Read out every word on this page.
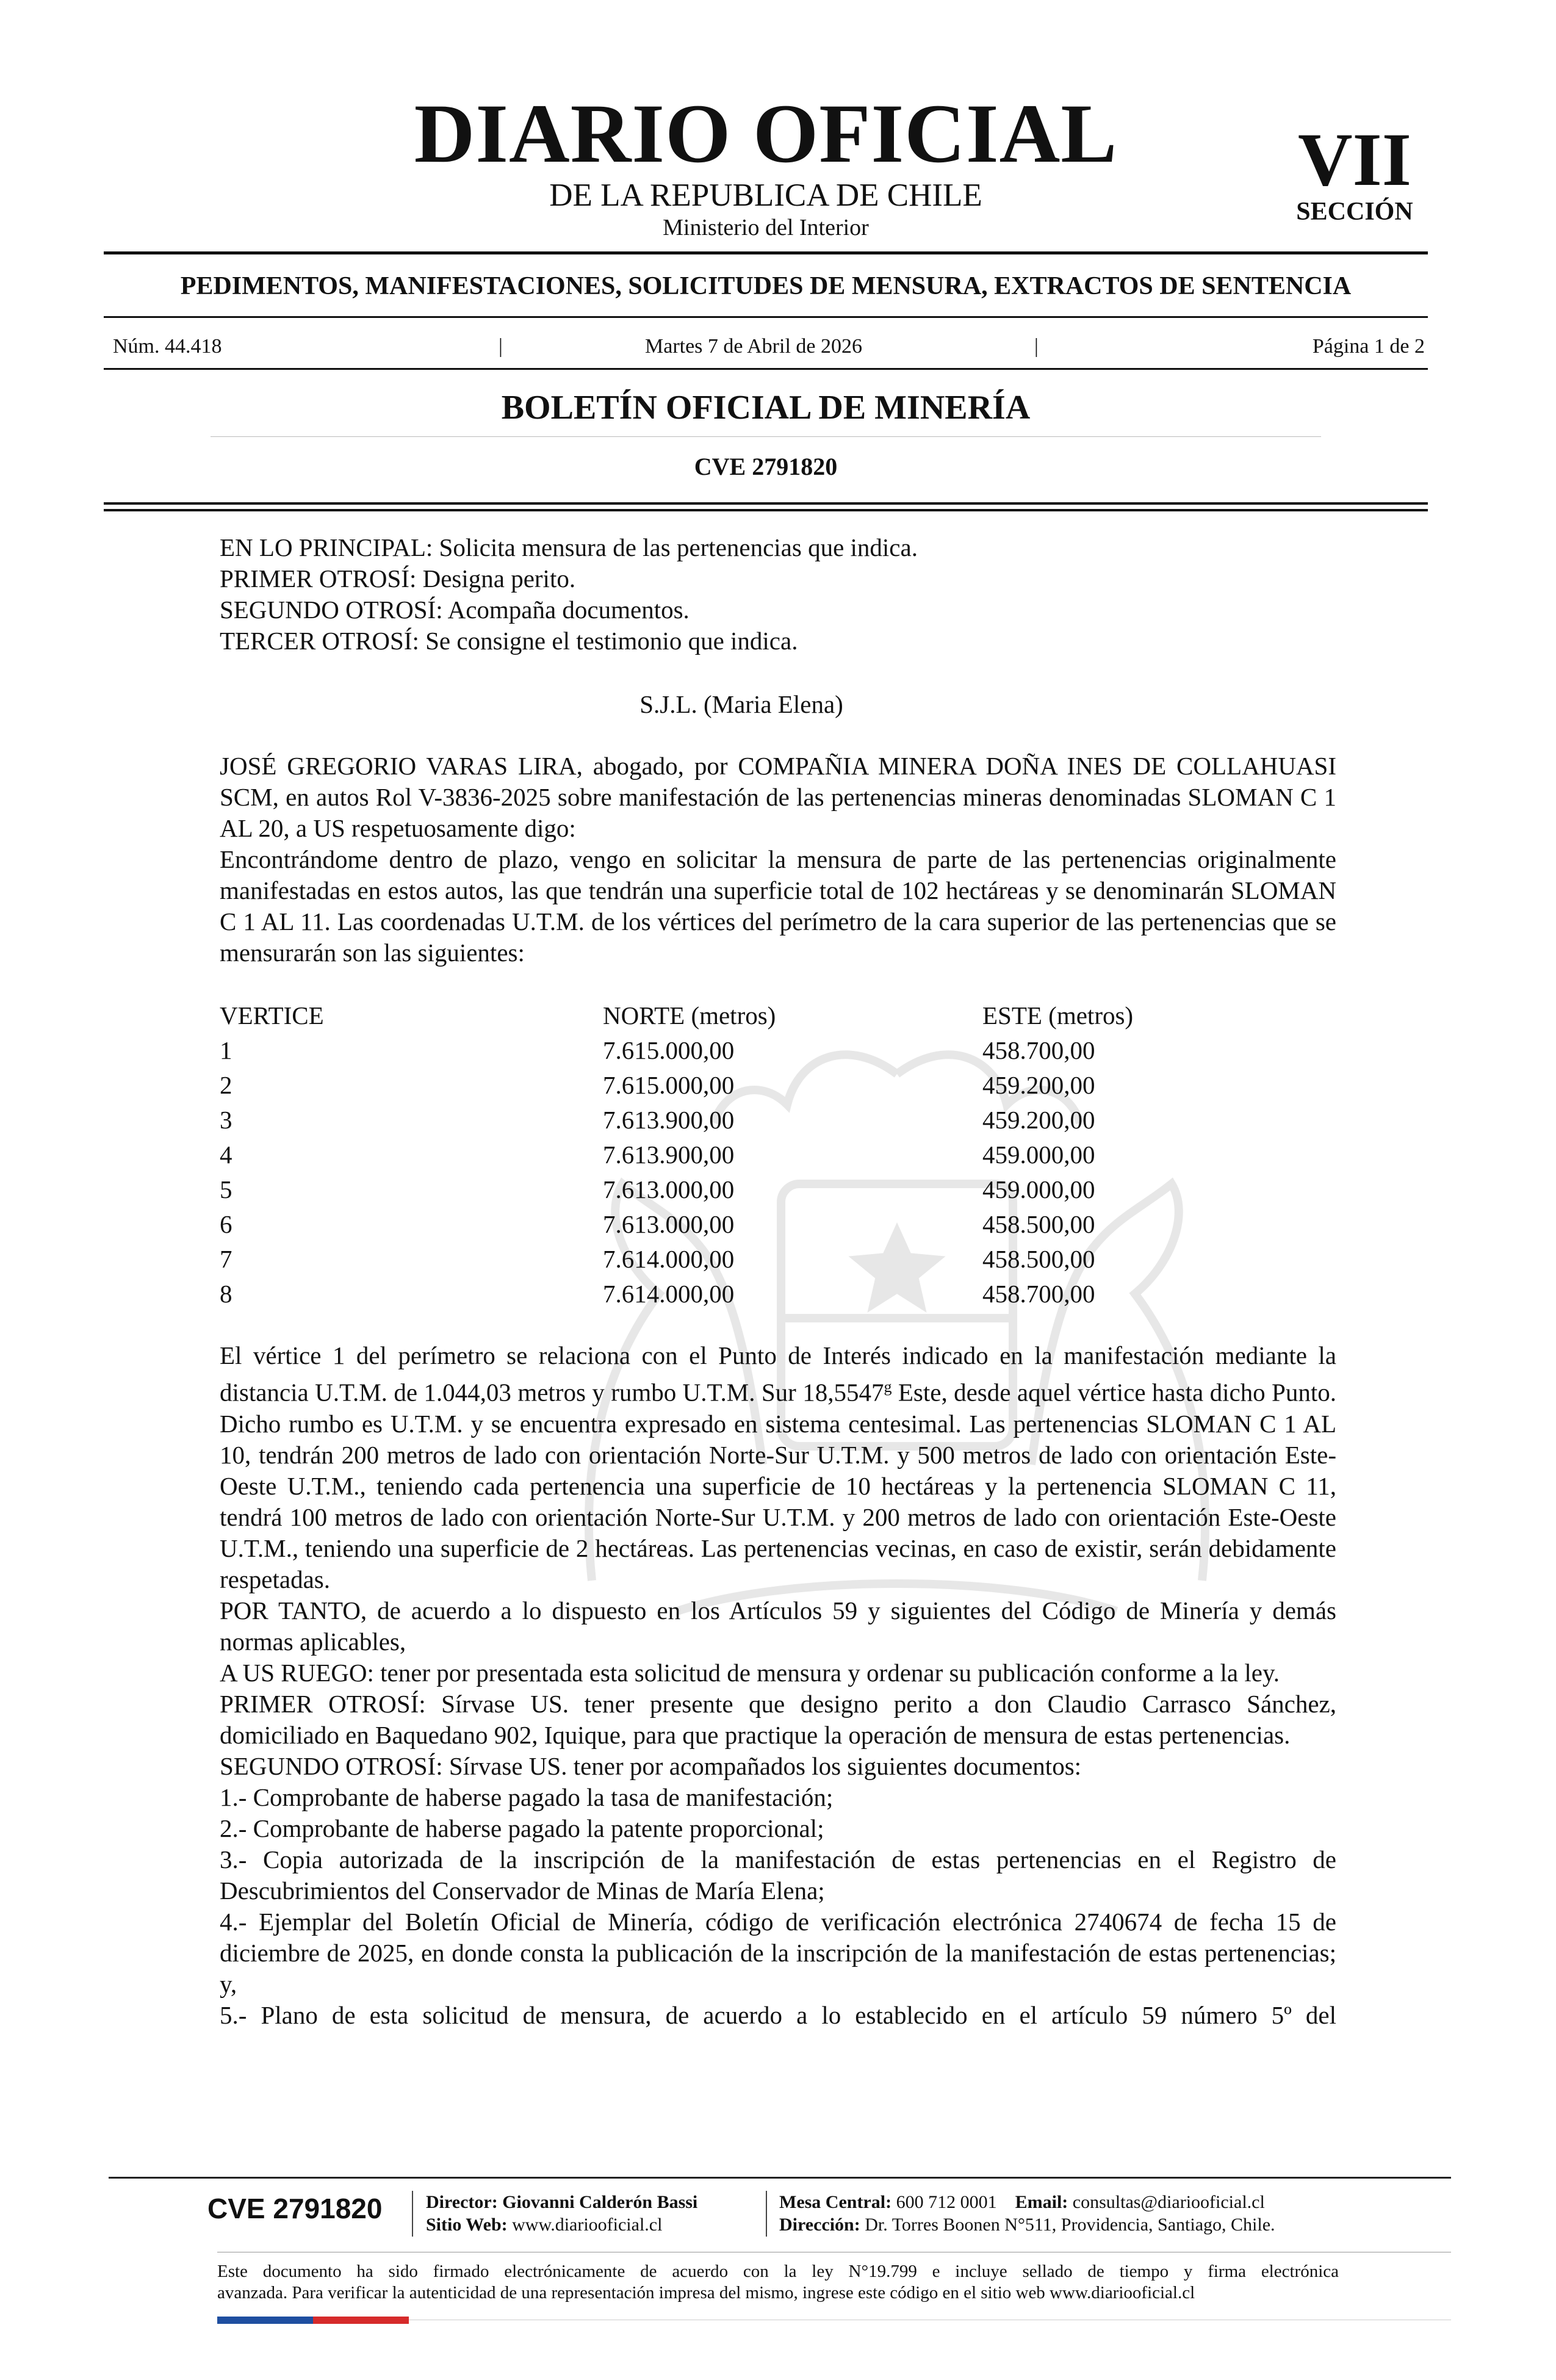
DIARIO OFICIAL
DE LA REPUBLICA DE CHILE
Ministerio del Interior
VII
SECCIÓN
PEDIMENTOS, MANIFESTACIONES, SOLICITUDES DE MENSURA, EXTRACTOS DE SENTENCIA
Núm. 44.418	|	Martes 7 de Abril de 2026	|	Página 1 de 2
BOLETÍN OFICIAL DE MINERÍA
CVE 2791820

EN LO PRINCIPAL: Solicita mensura de las pertenencias que indica.

PRIMER OTROSÍ: Designa perito.

SEGUNDO OTROSÍ: Acompaña documentos.

TERCER OTROSÍ: Se consigne el testimonio que indica.

S.J.L. (Maria Elena)

JOSÉ GREGORIO VARAS LIRA, abogado, por COMPAÑIA MINERA DOÑA INES DE COLLAHUASI SCM, en autos Rol V-3836-2025 sobre manifestación de las pertenencias mineras denominadas SLOMAN C 1 AL 20, a US respetuosamente digo:

Encontrándome dentro de plazo, vengo en solicitar la mensura de parte de las pertenencias originalmente manifestadas en estos autos, las que tendrán una superficie total de 102 hectáreas y se denominarán SLOMAN C 1 AL 11. Las coordenadas U.T.M. de los vértices del perímetro de la cara superior de las pertenencias que se mensurarán son las siguientes:

VERTICE	NORTE (metros)	ESTE (metros)
1	7.615.000,00	458.700,00
2	7.615.000,00	459.200,00
3	7.613.900,00	459.200,00
4	7.613.900,00	459.000,00
5	7.613.000,00	459.000,00
6	7.613.000,00	458.500,00
7	7.614.000,00	458.500,00
8	7.614.000,00	458.700,00

El vértice 1 del perímetro se relaciona con el Punto de Interés indicado en la manifestación mediante la distancia U.T.M. de 1.044,03 metros y rumbo U.T.M. Sur 18,5547$^g$ Este, desde aquel vértice hasta dicho Punto. Dicho rumbo es U.T.M. y se encuentra expresado en sistema centesimal. Las pertenencias SLOMAN C 1 AL 10, tendrán 200 metros de lado con orientación Norte-Sur U.T.M. y 500 metros de lado con orientación Este-Oeste U.T.M., teniendo cada pertenencia una superficie de 10 hectáreas y la pertenencia SLOMAN C 11, tendrá 100 metros de lado con orientación Norte-Sur U.T.M. y 200 metros de lado con orientación Este-Oeste U.T.M., teniendo una superficie de 2 hectáreas. Las pertenencias vecinas, en caso de existir, serán debidamente respetadas.

POR TANTO, de acuerdo a lo dispuesto en los Artículos 59 y siguientes del Código de Minería y demás normas aplicables,

A US RUEGO: tener por presentada esta solicitud de mensura y ordenar su publicación conforme a la ley.

PRIMER OTROSÍ: Sírvase US. tener presente que designo perito a don Claudio Carrasco Sánchez, domiciliado en Baquedano 902, Iquique, para que practique la operación de mensura de estas pertenencias.

SEGUNDO OTROSÍ: Sírvase US. tener por acompañados los siguientes documentos:

1.- Comprobante de haberse pagado la tasa de manifestación;

2.- Comprobante de haberse pagado la patente proporcional;

3.- Copia autorizada de la inscripción de la manifestación de estas pertenencias en el Registro de Descubrimientos del Conservador de Minas de María Elena;

4.- Ejemplar del Boletín Oficial de Minería, código de verificación electrónica 2740674 de fecha 15 de diciembre de 2025, en donde consta la publicación de la inscripción de la manifestación de estas pertenencias; y,

5.- Plano de esta solicitud de mensura, de acuerdo a lo establecido en el artículo 59 número 5º del

CVE 2791820 Director: Giovanni Calderón Bassi
Sitio Web: www.diariooficial.cl
Mesa Central: 600 712 0001 Email: consultas@diariooficial.cl
Dirección: Dr. Torres Boonen N°511, Providencia, Santiago, Chile.
Este documento ha sido firmado electrónicamente de acuerdo con la ley N°19.799 e incluye sellado de tiempo y firma electrónica
avanzada. Para verificar la autenticidad de una representación impresa del mismo, ingrese este código en el sitio web www.diariooficial.cl
